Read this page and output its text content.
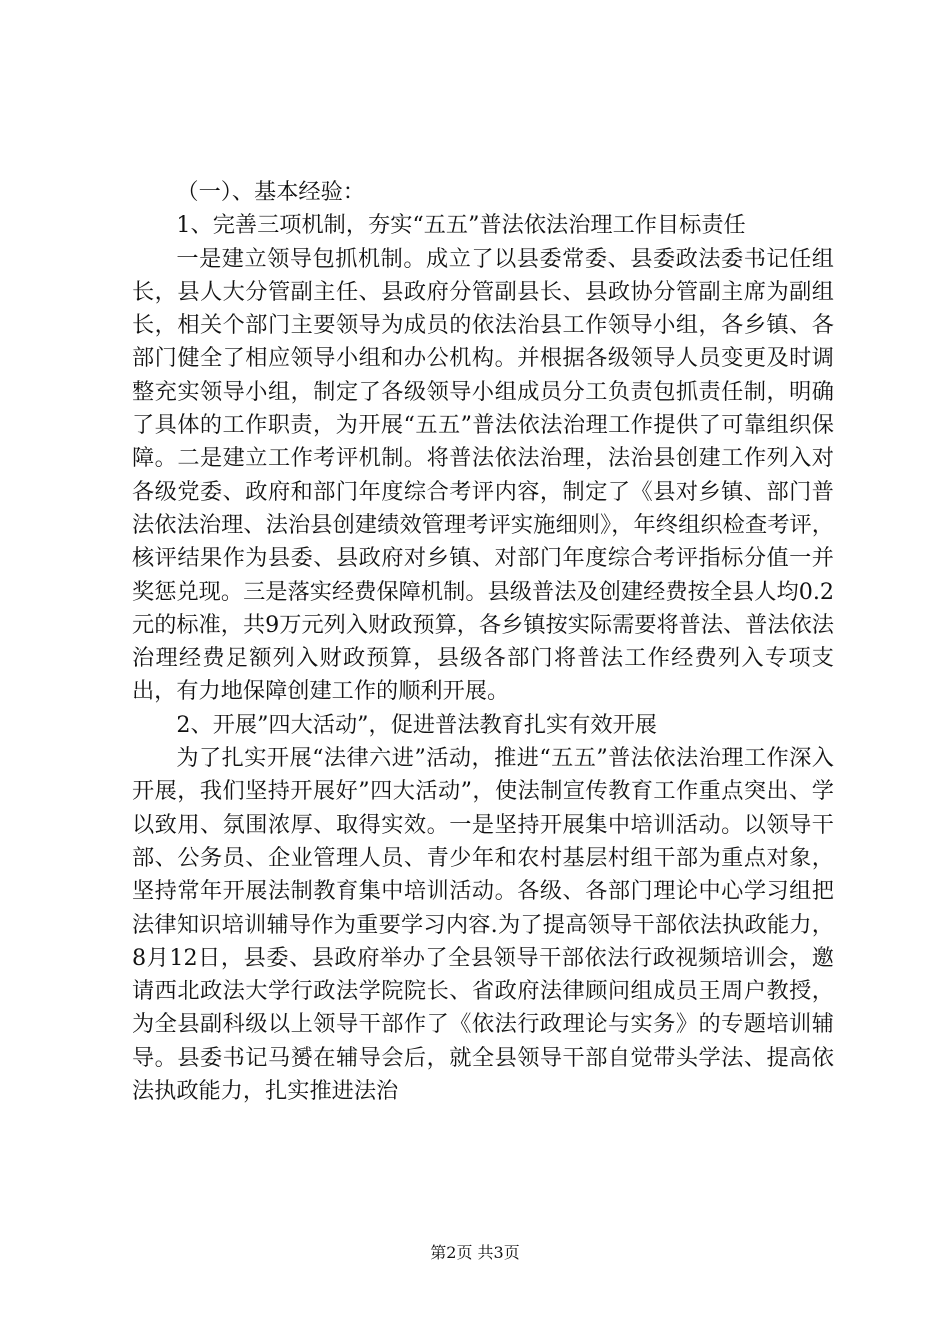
（一）、基本经验：

1、完善三项机制，夯实“五五”普法依法治理工作目标责任

一是建立领导包抓机制。成立了以县委常委、县委政法委书记任组长，县人大分管副主任、县政府分管副县长、县政协分管副主席为副组长，相关个部门主要领导为成员的依法治县工作领导小组，各乡镇、各部门健全了相应领导小组和办公机构。并根据各级领导人员变更及时调整充实领导小组，制定了各级领导小组成员分工负责包抓责任制，明确了具体的工作职责，为开展“五五”普法依法治理工作提供了可靠组织保障。二是建立工作考评机制。将普法依法治理，法治县创建工作列入对各级党委、政府和部门年度综合考评内容，制定了《县对乡镇、部门普法依法治理、法治县创建绩效管理考评实施细则》，年终组织检查考评，核评结果作为县委、县政府对乡镇、对部门年度综合考评指标分值一并奖惩兑现。三是落实经费保障机制。县级普法及创建经费按全县人均0.2元的标准，共9万元列入财政预算，各乡镇按实际需要将普法、普法依法治理经费足额列入财政预算，县级各部门将普法工作经费列入专项支出，有力地保障创建工作的顺利开展。

2、开展”四大活动”，促进普法教育扎实有效开展

为了扎实开展“法律六进”活动，推进“五五”普法依法治理工作深入开展，我们坚持开展好”四大活动”，使法制宣传教育工作重点突出、学以致用、氛围浓厚、取得实效。一是坚持开展集中培训活动。以领导干部、公务员、企业管理人员、青少年和农村基层村组干部为重点对象，坚持常年开展法制教育集中培训活动。各级、各部门理论中心学习组把法律知识培训辅导作为重要学习内容.为了提高领导干部依法执政能力，8月12日，县委、县政府举办了全县领导干部依法行政视频培训会，邀请西北政法大学行政法学院院长、省政府法律顾问组成员王周户教授，为全县副科级以上领导干部作了《依法行政理论与实务》的专题培训辅导。县委书记马赟在辅导会后，就全县领导干部自觉带头学法、提高依法执政能力，扎实推进法治

第2页 共3页
